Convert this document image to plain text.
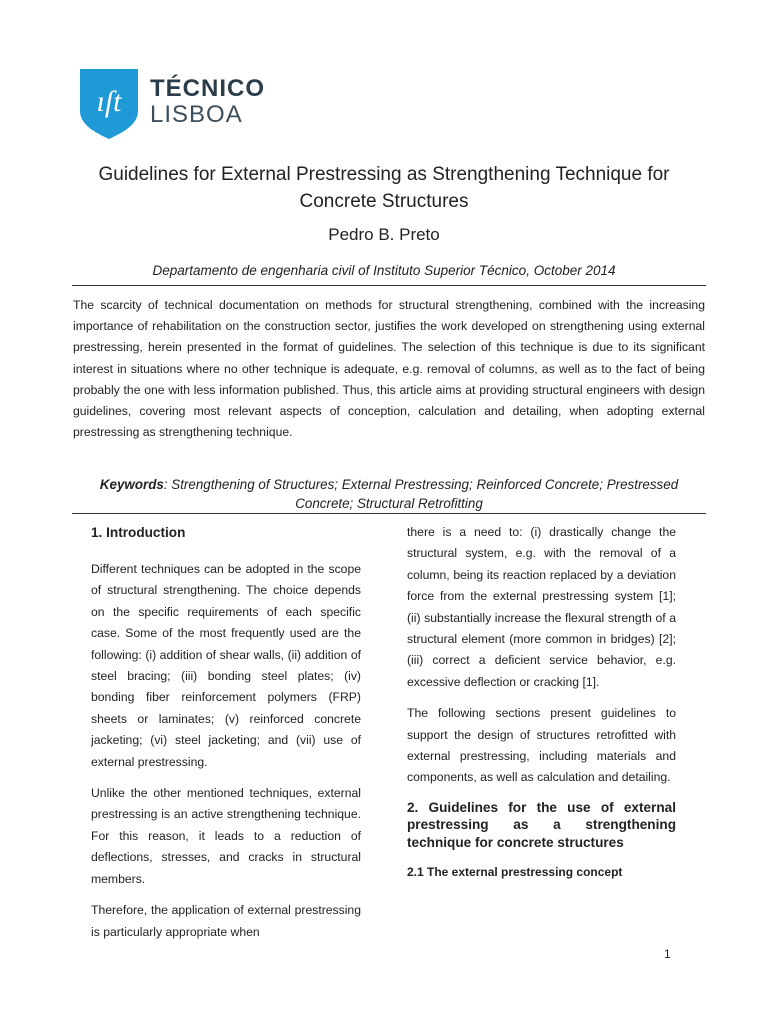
ıſt TÉCNICO
LISBOA
Guidelines for External Prestressing as Strengthening Technique for Concrete Structures
Pedro B. Preto
Departamento de engenharia civil of Instituto Superior Técnico, October 2014
The scarcity of technical documentation on methods for structural strengthening, combined with the increasing importance of rehabilitation on the construction sector, justifies the work developed on strengthening using external prestressing, herein presented in the format of guidelines. The selection of this technique is due to its significant interest in situations where no other technique is adequate, e.g. removal of columns, as well as to the fact of being probably the one with less information published. Thus, this article aims at providing structural engineers with design guidelines, covering most relevant aspects of conception, calculation and detailing, when adopting external prestressing as strengthening technique.
Keywords: Strengthening of Structures; External Prestressing; Reinforced Concrete; Prestressed Concrete; Structural Retrofitting
1. Introduction

Different techniques can be adopted in the scope of structural strengthening. The choice depends on the specific requirements of each specific case. Some of the most frequently used are the following: (i) addition of shear walls, (ii) addition of steel bracing; (iii) bonding steel plates; (iv) bonding fiber reinforcement polymers (FRP) sheets or laminates; (v) reinforced concrete jacketing; (vi) steel jacketing; and (vii) use of external prestressing.

Unlike the other mentioned techniques, external prestressing is an active strengthening technique. For this reason, it leads to a reduction of deflections, stresses, and cracks in structural members.

Therefore, the application of external prestressing is particularly appropriate when

there is a need to: (i) drastically change the structural system, e.g. with the removal of a column, being its reaction replaced by a deviation force from the external prestressing system [1]; (ii) substantially increase the flexural strength of a structural element (more common in bridges) [2]; (iii) correct a deficient service behavior, e.g. excessive deflection or cracking [1].

The following sections present guidelines to support the design of structures retrofitted with external prestressing, including materials and components, as well as calculation and detailing.

2. Guidelines for the use of external prestressing as a strengthening technique for concrete structures
2.1 The external prestressing concept
1
